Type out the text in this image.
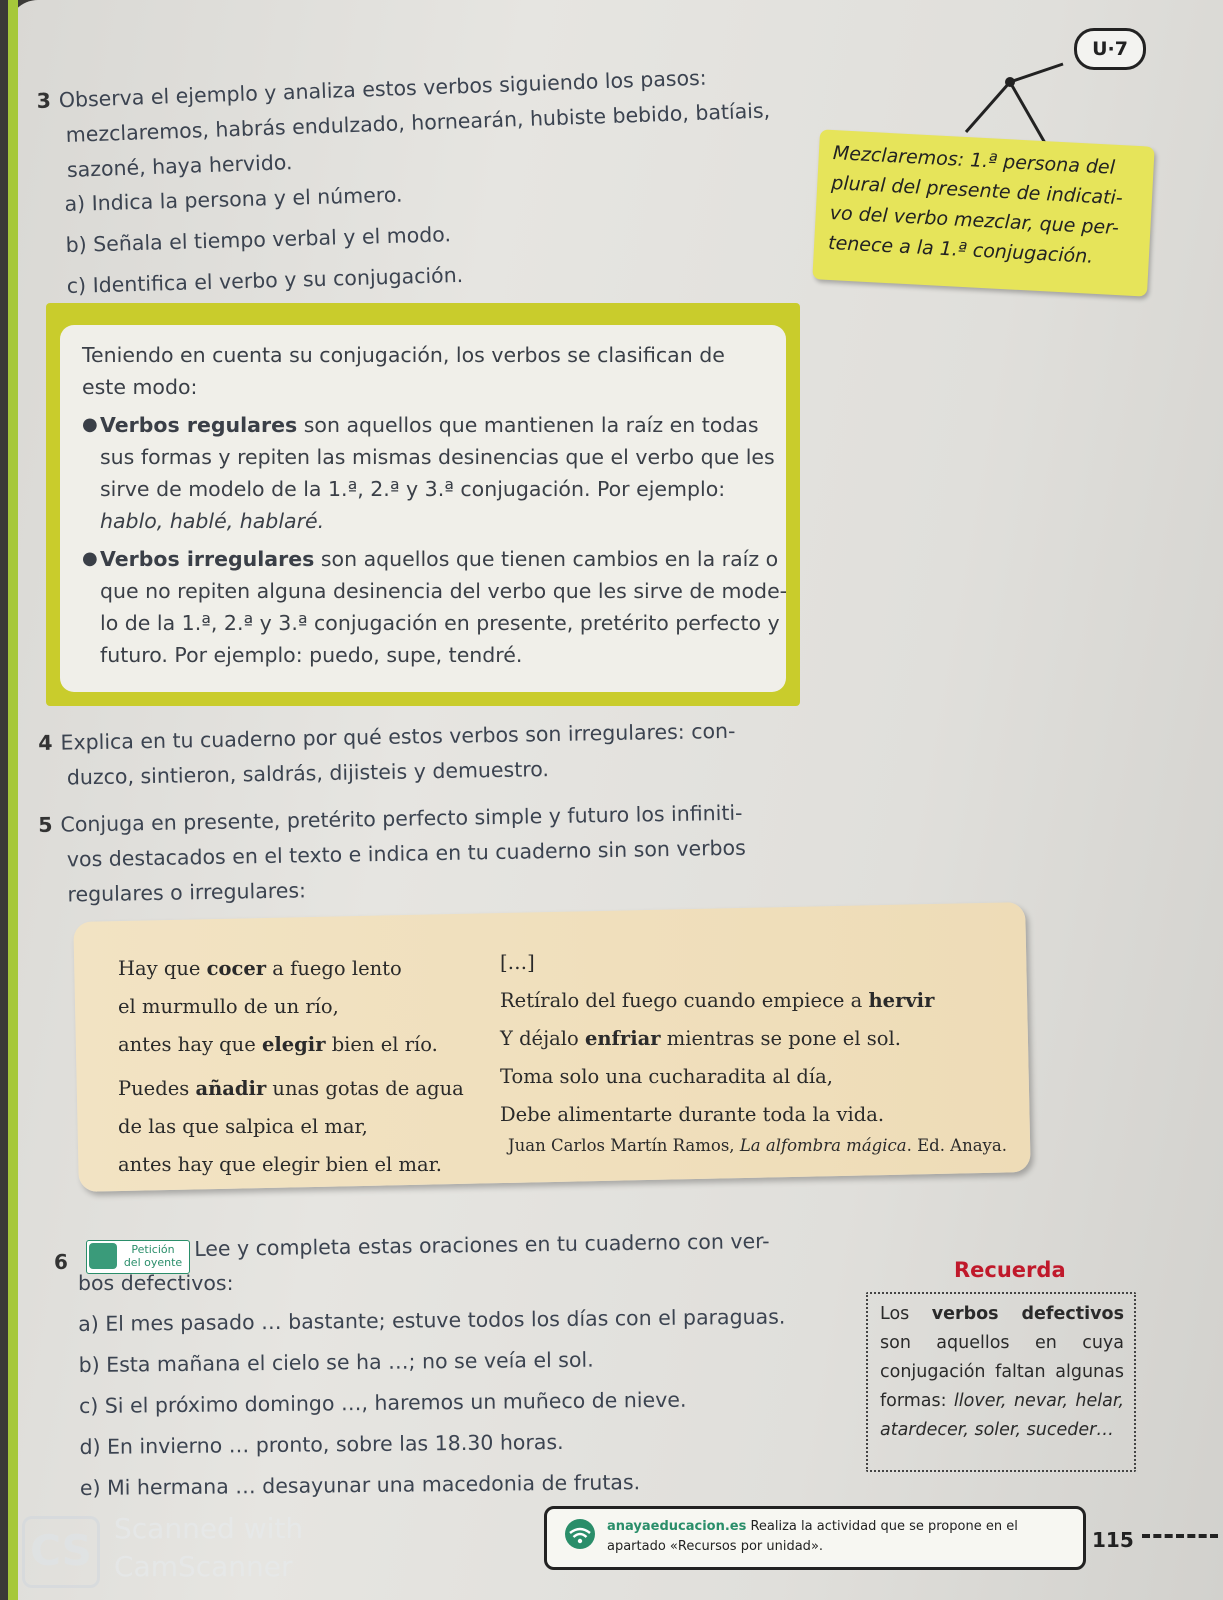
U·7
3 Observa el ejemplo y analiza estos verbos siguiendo los pasos:
mezclaremos, habrás endulzado, hornearán, hubiste bebido, batíais,
sazoné, haya hervido.
a) Indica la persona y el número.
b) Señala el tiempo verbal y el modo.
c) Identifica el verbo y su conjugación.
Mezclaremos: 1.ª persona del
plural del presente de indicati-
vo del verbo mezclar, que per-
tenece a la 1.ª conjugación.

Teniendo en cuenta su conjugación, los verbos se clasifican de
este modo:

● Verbos regulares son aquellos que mantienen la raíz en todas
sus formas y repiten las mismas desinencias que el verbo que les
sirve de modelo de la 1.ª, 2.ª y 3.ª conjugación. Por ejemplo:
hablo, hablé, hablaré.
● Verbos irregulares son aquellos que tienen cambios en la raíz o
que no repiten alguna desinencia del verbo que les sirve de mode-
lo de la 1.ª, 2.ª y 3.ª conjugación en presente, pretérito perfecto y
futuro. Por ejemplo: puedo, supe, tendré.
4 Explica en tu cuaderno por qué estos verbos son irregulares: con-
duzco, sintieron, saldrás, dijisteis y demuestro.
5 Conjuga en presente, pretérito perfecto simple y futuro los infiniti-
vos destacados en el texto e indica en tu cuaderno sin son verbos
regulares o irregulares:
Hay que cocer a fuego lento
el murmullo de un río,
antes hay que elegir bien el río.
Puedes añadir unas gotas de agua
de las que salpica el mar,
antes hay que elegir bien el mar.
[…]
Retíralo del fuego cuando empiece a hervir
Y déjalo enfriar mientras se pone el sol.
Toma solo una cucharadita al día,
Debe alimentarte durante toda la vida.
Juan Carlos Martín Ramos, La alfombra mágica. Ed. Anaya.
6
Petición
del oyente
Lee y completa estas oraciones en tu cuaderno con ver-
bos defectivos:
a) El mes pasado … bastante; estuve todos los días con el paraguas.
b) Esta mañana el cielo se ha …; no se veía el sol.
c) Si el próximo domingo …, haremos un muñeco de nieve.
d) En invierno … pronto, sobre las 18.30 horas.
e) Mi hermana … desayunar una macedonia de frutas.
Recuerda
Los verbos defectivos son aquellos en cuya conjugación faltan algunas formas: llover, nevar, helar, atardecer, soler, suceder…
anayaeducacion.es Realiza la actividad que se propone en el apartado «Recursos por unidad».	115
CS Scanned with
CamScanner
